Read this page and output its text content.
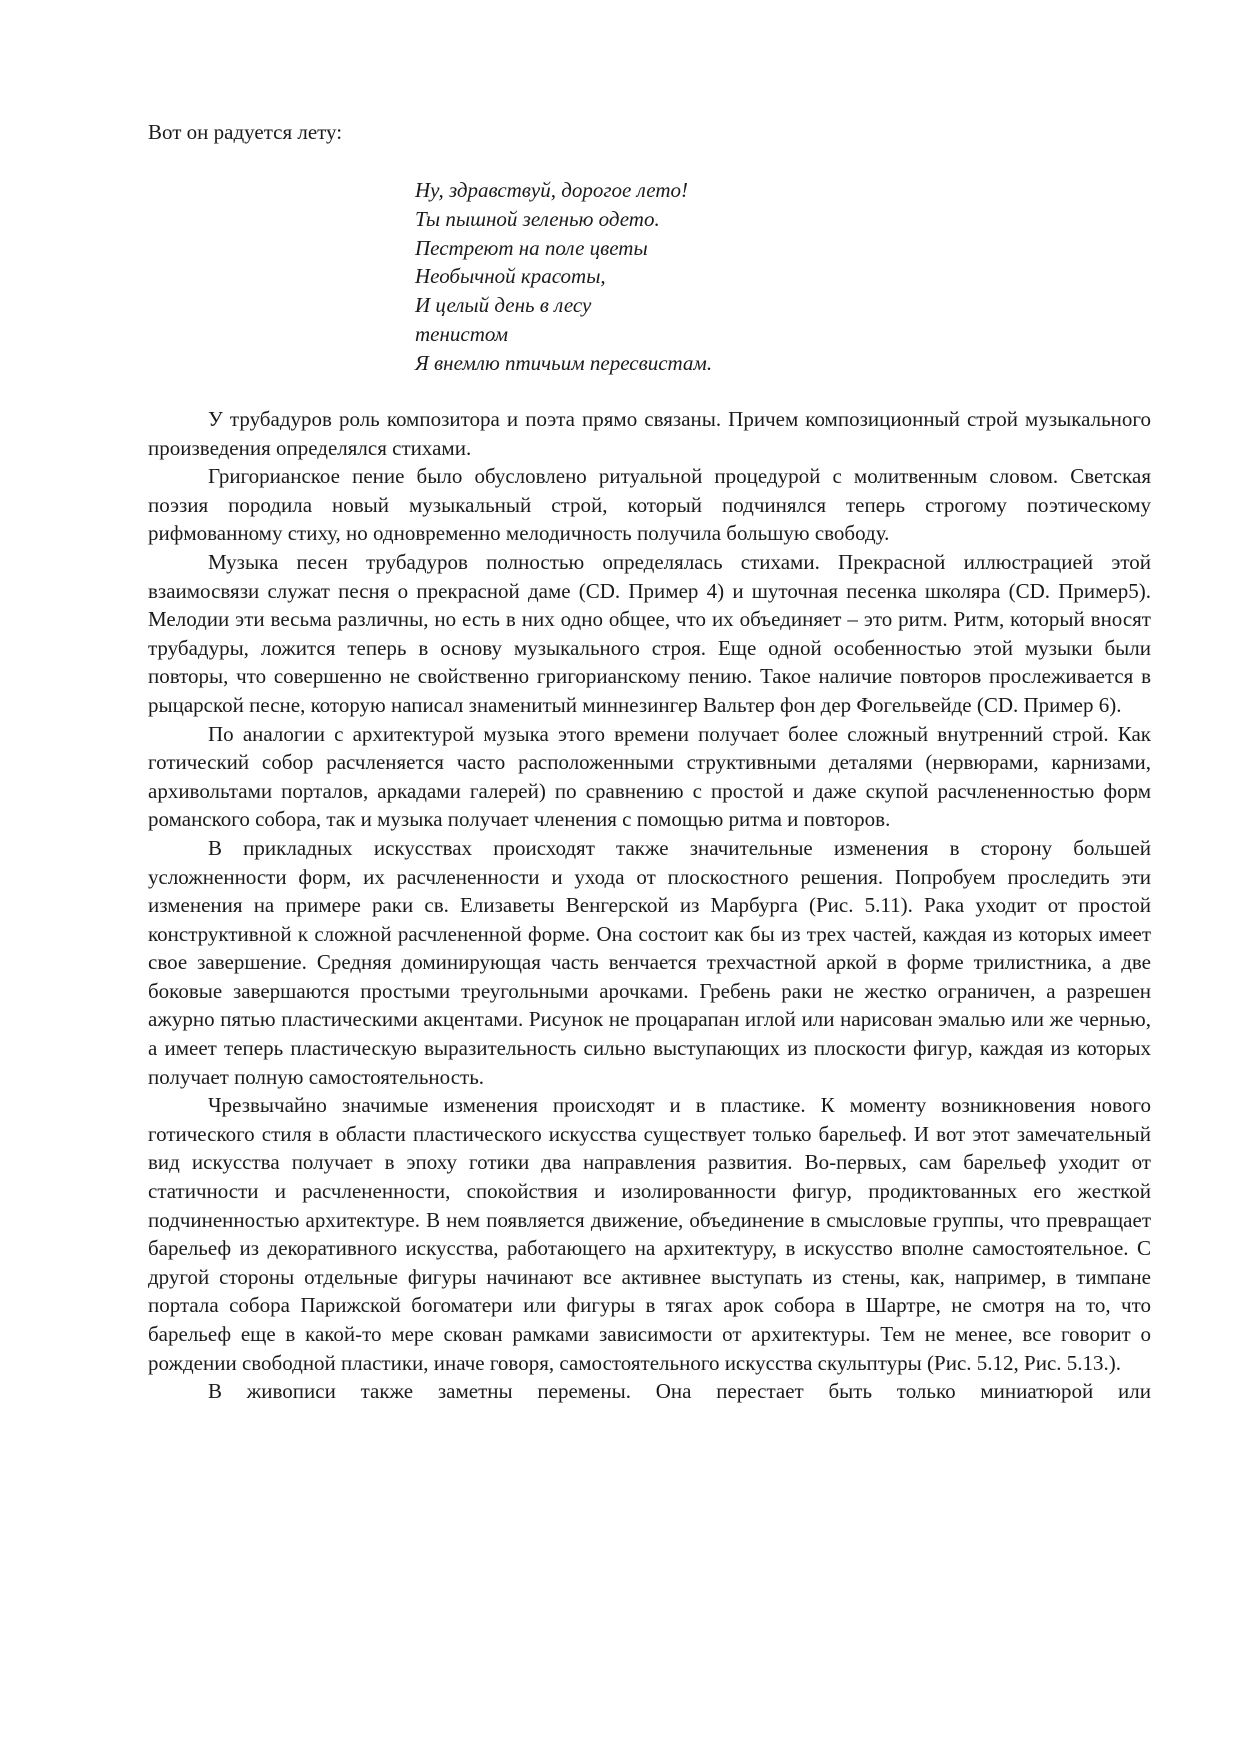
Вот он радуется лету:

Ну, здравствуй, дорогое лето!
Ты пышной зеленью одето.
Пестреют на поле цветы
Необычной красоты,
И целый день в лесу
тенистом
Я внемлю птичьим пересвистам.

У трубадуров роль композитора и поэта прямо связаны. Причем композиционный строй музыкального произведения определялся стихами.

Григорианское пение было обусловлено ритуальной процедурой с молитвенным словом. Светская поэзия породила новый музыкальный строй, который подчинялся теперь строгому поэтическому рифмованному стиху, но одновременно мелодичность получила большую свободу.

Музыка песен трубадуров полностью определялась стихами. Прекрасной иллюстрацией этой взаимосвязи служат песня о прекрасной даме (CD. Пример 4) и шуточная песенка школяра (CD. Пример5). Мелодии эти весьма различны, но есть в них одно общее, что их объединяет – это ритм. Ритм, который вносят трубадуры, ложится теперь в основу музыкального строя. Еще одной особенностью этой музыки были повторы, что совершенно не свойственно григорианскому пению. Такое наличие повторов прослеживается в рыцарской песне, которую написал знаменитый миннезингер Вальтер фон дер Фогельвейде (CD. Пример 6).

По аналогии с архитектурой музыка этого времени получает более сложный внутренний строй. Как готический собор расчленяется часто расположенными структивными деталями (нервюрами, карнизами, архивольтами порталов, аркадами галерей) по сравнению с простой и даже скупой расчлененностью форм романского собора, так и музыка получает членения с помощью ритма и повторов.

В прикладных искусствах происходят также значительные изменения в сторону большей усложненности форм, их расчлененности и ухода от плоскостного решения. Попробуем проследить эти изменения на примере раки св. Елизаветы Венгерской из Марбурга (Рис. 5.11). Рака уходит от простой конструктивной к сложной расчлененной форме. Она состоит как бы из трех частей, каждая из которых имеет свое завершение. Средняя доминирующая часть венчается трехчастной аркой в форме трилистника, а две боковые завершаются простыми треугольными арочками. Гребень раки не жестко ограничен, а разрешен ажурно пятью пластическими акцентами. Рисунок не процарапан иглой или нарисован эмалью или же чернью, а имеет теперь пластическую выразительность сильно выступающих из плоскости фигур, каждая из которых получает полную самостоятельность.

Чрезвычайно значимые изменения происходят и в пластике. К моменту возникновения нового готического стиля в области пластического искусства существует только барельеф. И вот этот замечательный вид искусства получает в эпоху готики два направления развития. Во-первых, сам барельеф уходит от статичности и расчлененности, спокойствия и изолированности фигур, продиктованных его жесткой подчиненностью архитектуре. В нем появляется движение, объединение в смысловые группы, что превращает барельеф из декоративного искусства, работающего на архитектуру, в искусство вполне самостоятельное. С другой стороны отдельные фигуры начинают все активнее выступать из стены, как, например, в тимпане портала собора Парижской богоматери или фигуры в тягах арок собора в Шартре, не смотря на то, что барельеф еще в какой-то мере скован рамками зависимости от архитектуры. Тем не менее, все говорит о рождении свободной пластики, иначе говоря, самостоятельного искусства скульптуры (Рис. 5.12, Рис. 5.13.).

В живописи также заметны перемены. Она перестает быть только миниатюрой или
